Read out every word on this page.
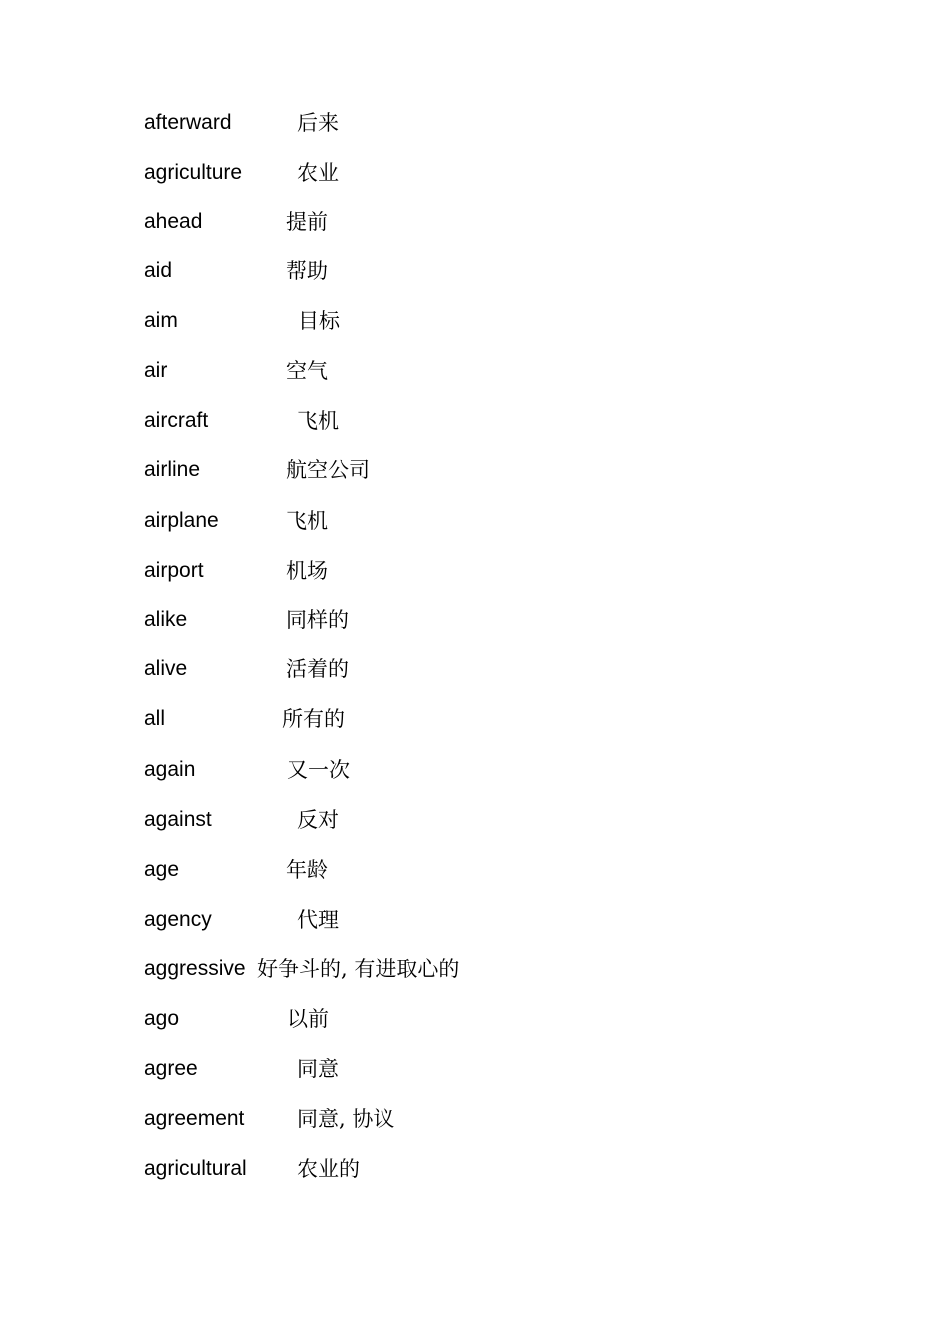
afterward	后来
agriculture	农业
ahead	提前
aid	帮助
aim	目标
air	空气
aircraft	飞机
airline	航空公司
airplane	飞机
airport	机场
alike	同样的
alive	活着的
all	所有的
again	又一次
against	反对
age	年龄
agency	代理
aggressive 好争斗的, 有进取心的
ago	以前
agree	同意
agreement	同意, 协议
agricultural 农业的
